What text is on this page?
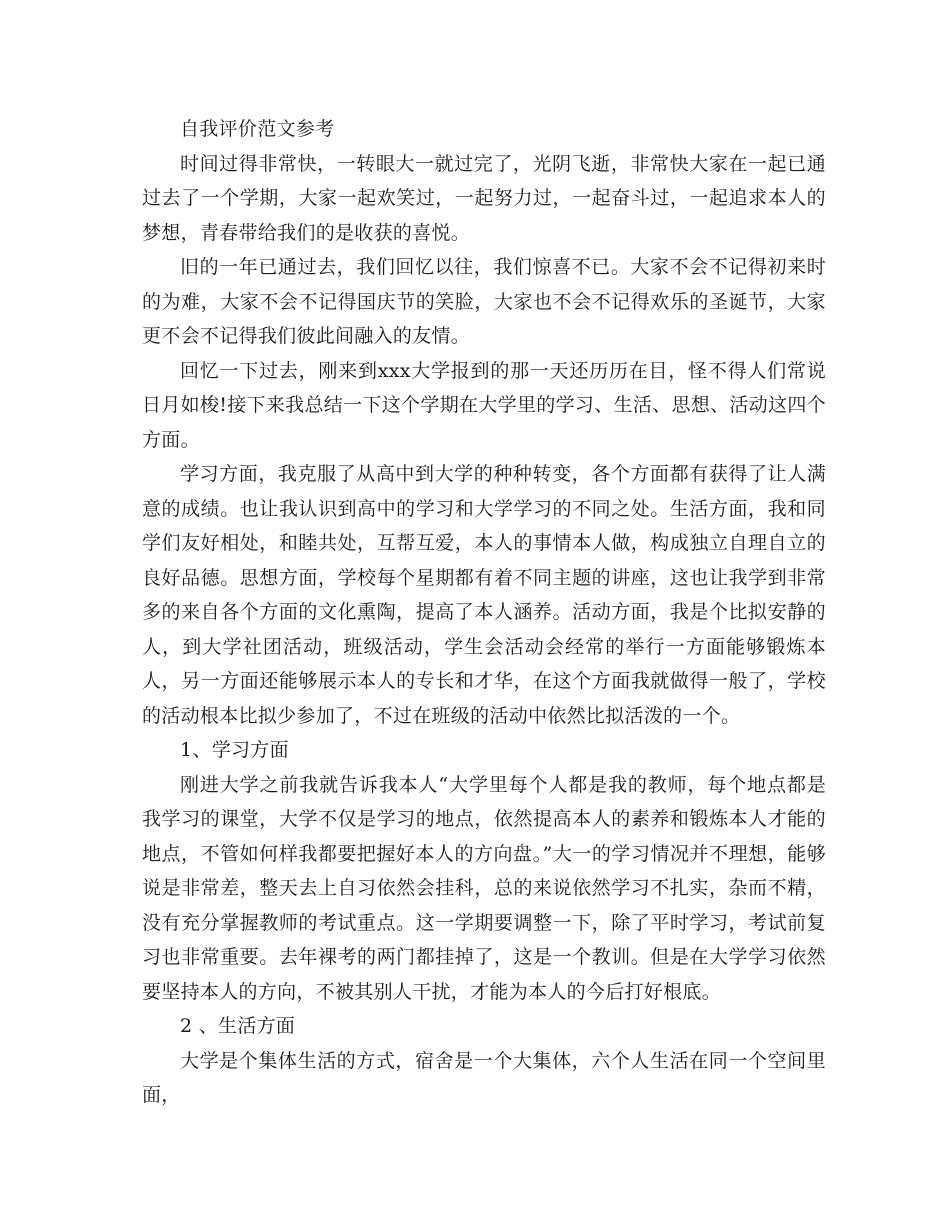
自我评价范文参考

时间过得非常快，一转眼大一就过完了，光阴飞逝，非常快大家在一起已通过去了一个学期，大家一起欢笑过，一起努力过，一起奋斗过，一起追求本人的梦想，青春带给我们的是收获的喜悦。

旧的一年已通过去，我们回忆以往，我们惊喜不已。大家不会不记得初来时的为难，大家不会不记得国庆节的笑脸，大家也不会不记得欢乐的圣诞节，大家更不会不记得我们彼此间融入的友情。

回忆一下过去，刚来到xxx大学报到的那一天还历历在目，怪不得人们常说日月如梭!接下来我总结一下这个学期在大学里的学习、生活、思想、活动这四个方面。

学习方面，我克服了从高中到大学的种种转变，各个方面都有获得了让人满意的成绩。也让我认识到高中的学习和大学学习的不同之处。生活方面，我和同学们友好相处，和睦共处，互帮互爱，本人的事情本人做，构成独立自理自立的良好品德。思想方面，学校每个星期都有着不同主题的讲座，这也让我学到非常多的来自各个方面的文化熏陶，提高了本人涵养。活动方面，我是个比拟安静的人，到大学社团活动，班级活动，学生会活动会经常的举行一方面能够锻炼本人，另一方面还能够展示本人的专长和才华，在这个方面我就做得一般了，学校的活动根本比拟少参加了，不过在班级的活动中依然比拟活泼的一个。

1、学习方面

刚进大学之前我就告诉我本人“大学里每个人都是我的教师，每个地点都是我学习的课堂，大学不仅是学习的地点，依然提高本人的素养和锻炼本人才能的地点，不管如何样我都要把握好本人的方向盘。”大一的学习情况并不理想，能够说是非常差，整天去上自习依然会挂科，总的来说依然学习不扎实，杂而不精，没有充分掌握教师的考试重点。这一学期要调整一下，除了平时学习，考试前复习也非常重要。去年裸考的两门都挂掉了，这是一个教训。但是在大学学习依然要坚持本人的方向，不被其别人干扰，才能为本人的今后打好根底。

2 、生活方面

大学是个集体生活的方式，宿舍是一个大集体，六个人生活在同一个空间里面，
